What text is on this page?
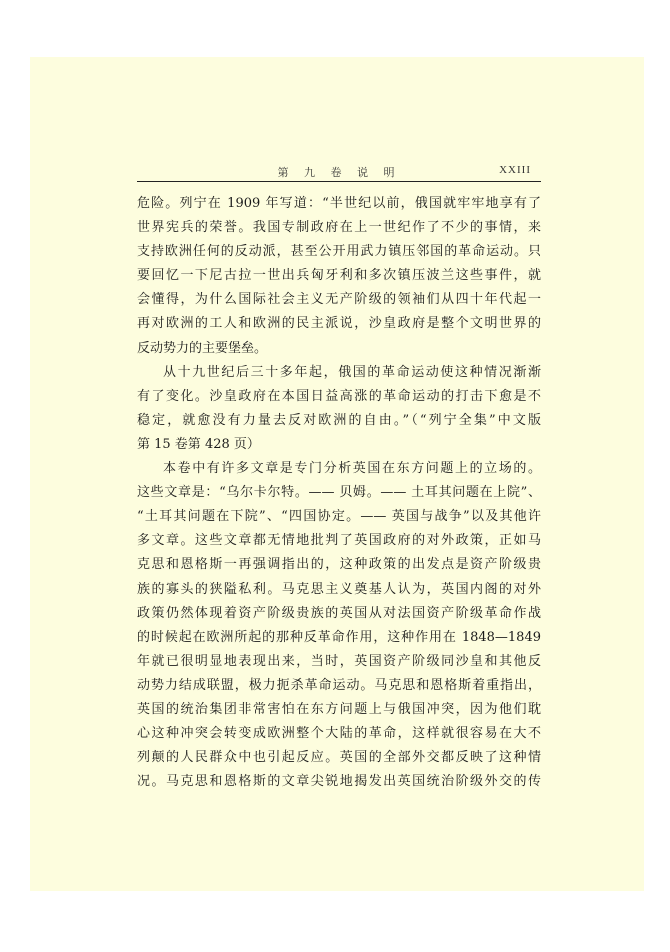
第 九 卷 说 明	XXIII
危险。列宁在 1909 年写道：“半世纪以前，俄国就牢牢地享有了
世界宪兵的荣誉。我国专制政府在上一世纪作了不少的事情，来
支持欧洲任何的反动派，甚至公开用武力镇压邻国的革命运动。只
要回忆一下尼古拉一世出兵匈牙利和多次镇压波兰这些事件，就
会懂得，为什么国际社会主义无产阶级的领袖们从四十年代起一
再对欧洲的工人和欧洲的民主派说，沙皇政府是整个文明世界的
反动势力的主要堡垒。
从十九世纪后三十多年起，俄国的革命运动使这种情况渐渐
有了变化。沙皇政府在本国日益高涨的革命运动的打击下愈是不
稳定，就愈没有力量去反对欧洲的自由。”（“列宁全集”中文版
第 15 卷第 428 页）
本卷中有许多文章是专门分析英国在东方问题上的立场的。
这些文章是：“乌尔卡尔特。—— 贝姆。—— 土耳其问题在上院”、
“土耳其问题在下院”、“四国协定。—— 英国与战争”以及其他许
多文章。这些文章都无情地批判了英国政府的对外政策，正如马
克思和恩格斯一再强调指出的，这种政策的出发点是资产阶级贵
族的寡头的狭隘私利。马克思主义奠基人认为，英国内阁的对外
政策仍然体现着资产阶级贵族的英国从对法国资产阶级革命作战
的时候起在欧洲所起的那种反革命作用，这种作用在 1848—1849
年就已很明显地表现出来，当时，英国资产阶级同沙皇和其他反
动势力结成联盟，极力扼杀革命运动。马克思和恩格斯着重指出，
英国的统治集团非常害怕在东方问题上与俄国冲突，因为他们耽
心这种冲突会转变成欧洲整个大陆的革命，这样就很容易在大不
列颠的人民群众中也引起反应。英国的全部外交都反映了这种情
况。马克思和恩格斯的文章尖锐地揭发出英国统治阶级外交的传
